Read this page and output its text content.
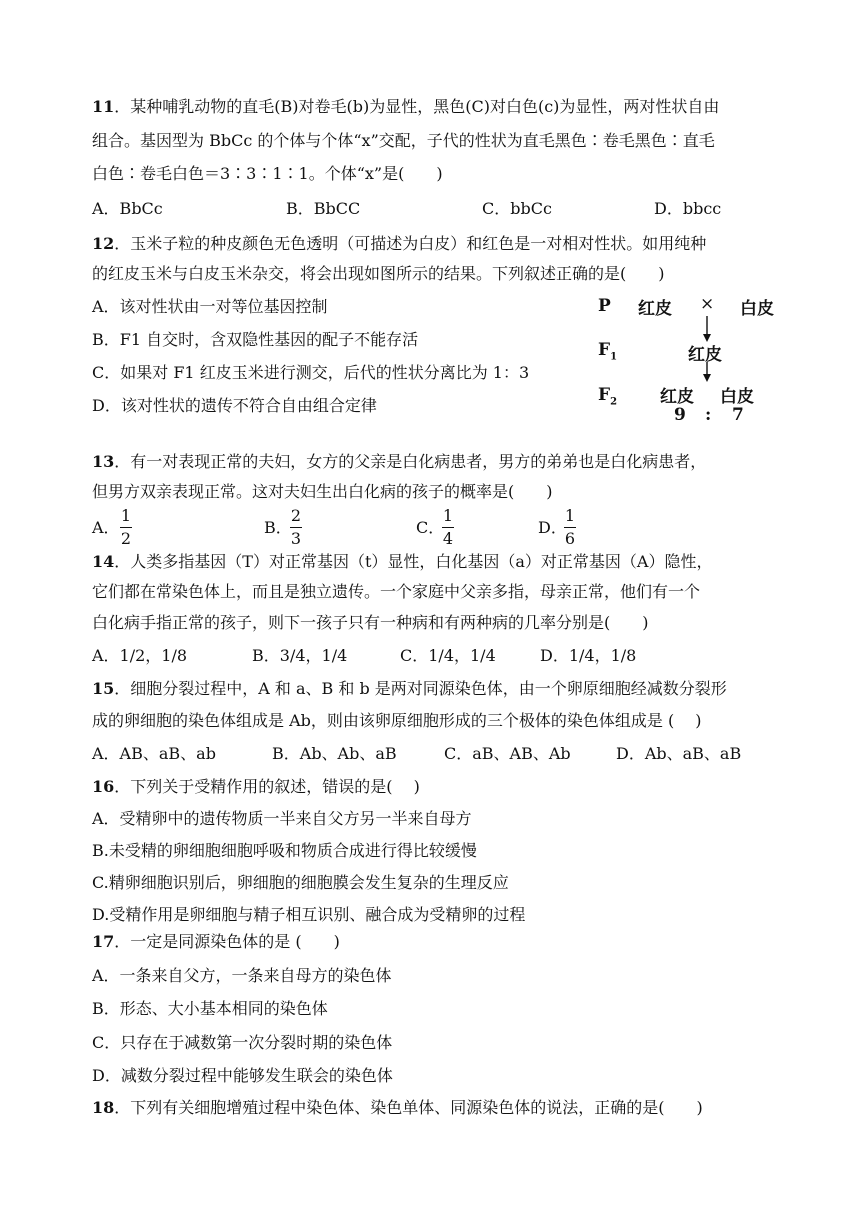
11．某种哺乳动物的直毛(B)对卷毛(b)为显性，黑色(C)对白色(c)为显性，两对性状自由
组合。基因型为 BbCc 的个体与个体“x”交配，子代的性状为直毛黑色∶卷毛黑色∶直毛
白色∶卷毛白色＝3∶3∶1∶1。个体“x”是(　　)
A．BbCc	B．BbCC	C．bbCc	D．bbcc
12．玉米子粒的种皮颜色无色透明（可描述为白皮）和红色是一对相对性状。如用纯种
的红皮玉米与白皮玉米杂交，将会出现如图所示的结果。下列叙述正确的是(　　)
A．该对性状由一对等位基因控制
B．F1 自交时，含双隐性基因的配子不能存活
C．如果对 F1 红皮玉米进行测交，后代的性状分离比为 1：3
D．该对性状的遗传不符合自由组合定律
P 红皮 × 白皮
$F_1$	红皮
$F_2$	红皮 白皮
9 : 7
13．有一对表现正常的夫妇，女方的父亲是白化病患者，男方的弟弟也是白化病患者，
但男方双亲表现正常。这对夫妇生出白化病的孩子的概率是(　　)
A．
1
2
B．
2
3
C．
1
4
D．
1
6
14．人类多指基因（T）对正常基因（t）显性，白化基因（a）对正常基因（A）隐性，
它们都在常染色体上，而且是独立遗传。一个家庭中父亲多指，母亲正常，他们有一个
白化病手指正常的孩子，则下一孩子只有一种病和有两种病的几率分别是(　　)
A．1/2，1/8	B．3/4，1/4	C．1/4，1/4	D．1/4，1/8
15．细胞分裂过程中，A 和 a、B 和 b 是两对同源染色体，由一个卵原细胞经减数分裂形
成的卵细胞的染色体组成是 Ab，则由该卵原细胞形成的三个极体的染色体组成是 (　 )
A．AB、aB、ab	B．Ab、Ab、aB	C．aB、AB、Ab	D．Ab、aB、aB
16．下列关于受精作用的叙述，错误的是(　 )
A．受精卵中的遗传物质一半来自父方另一半来自母方
B.未受精的卵细胞细胞呼吸和物质合成进行得比较缓慢
C.精卵细胞识别后，卵细胞的细胞膜会发生复杂的生理反应
D.受精作用是卵细胞与精子相互识别、融合成为受精卵的过程
17．一定是同源染色体的是 (　　)
A．一条来自父方，一条来自母方的染色体
B．形态、大小基本相同的染色体
C．只存在于减数第一次分裂时期的染色体
D．减数分裂过程中能够发生联会的染色体
18．下列有关细胞增殖过程中染色体、染色单体、同源染色体的说法，正确的是(　　)
